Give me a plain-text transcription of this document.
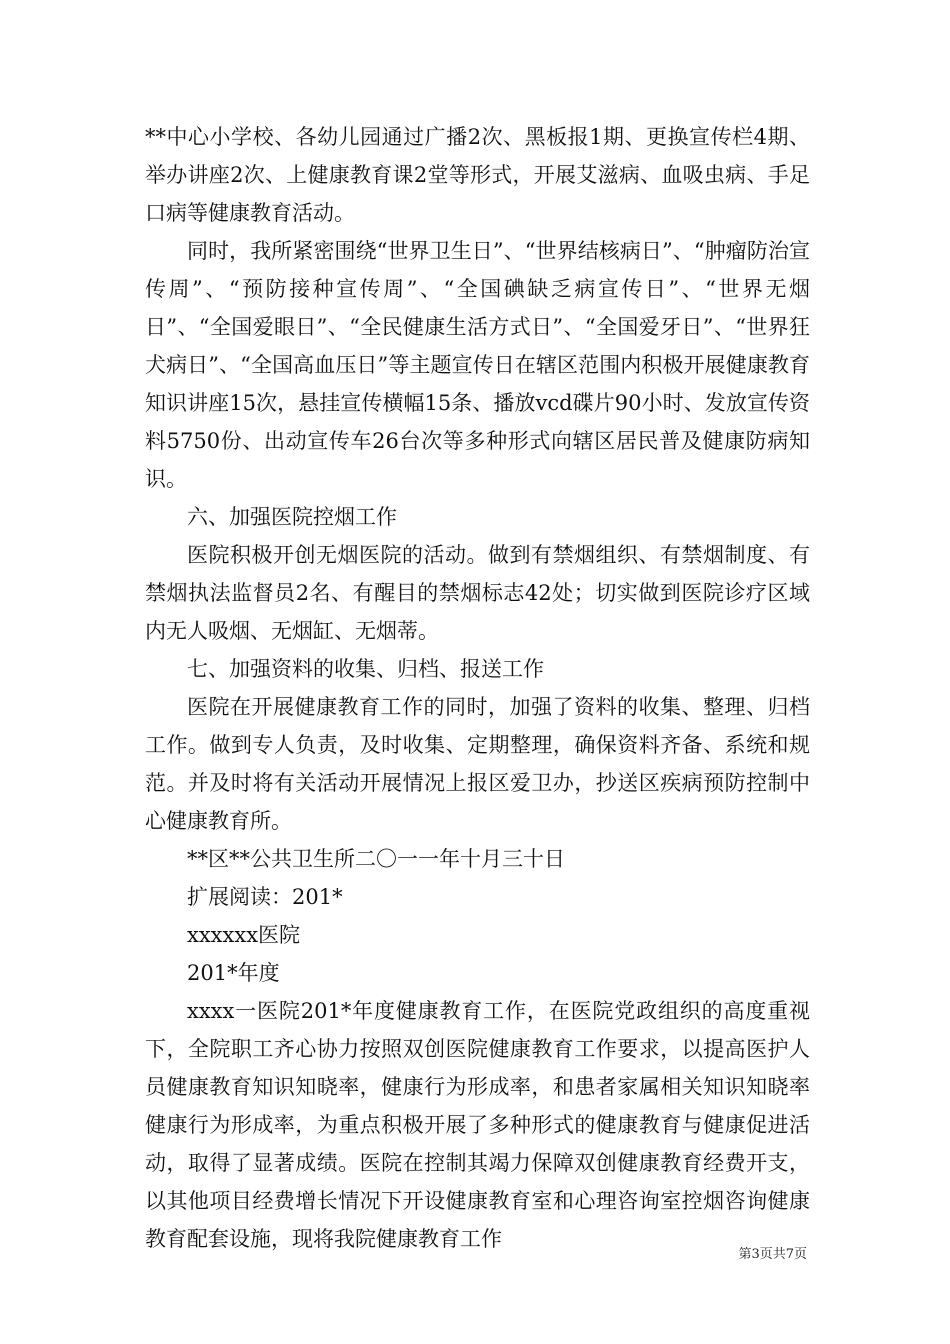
**中心小学校、各幼儿园通过广播2次、黑板报1期、更换宣传栏4期、举办讲座2次、上健康教育课2堂等形式，开展艾滋病、血吸虫病、手足口病等健康教育活动。

同时，我所紧密围绕“世界卫生日”、“世界结核病日”、“肿瘤防治宣传周”、“预防接种宣传周”、“全国碘缺乏病宣传日”、“世界无烟日”、“全国爱眼日”、“全民健康生活方式日”、“全国爱牙日”、“世界狂犬病日”、“全国高血压日”等主题宣传日在辖区范围内积极开展健康教育知识讲座15次，悬挂宣传横幅15条、播放vcd碟片90小时、发放宣传资料5750份、出动宣传车26台次等多种形式向辖区居民普及健康防病知识。

六、加强医院控烟工作

医院积极开创无烟医院的活动。做到有禁烟组织、有禁烟制度、有禁烟执法监督员2名、有醒目的禁烟标志42处；切实做到医院诊疗区域内无人吸烟、无烟缸、无烟蒂。

七、加强资料的收集、归档、报送工作

医院在开展健康教育工作的同时，加强了资料的收集、整理、归档工作。做到专人负责，及时收集、定期整理，确保资料齐备、系统和规范。并及时将有关活动开展情况上报区爱卫办，抄送区疾病预防控制中心健康教育所。

**区**公共卫生所二〇一一年十月三十日

扩展阅读：201*

xxxxxx医院

201*年度

xxxx一医院201*年度健康教育工作，在医院党政组织的高度重视下，全院职工齐心协力按照双创医院健康教育工作要求，以提高医护人员健康教育知识知晓率，健康行为形成率，和患者家属相关知识知晓率健康行为形成率，为重点积极开展了多种形式的健康教育与健康促进活动，取得了显著成绩。医院在控制其竭力保障双创健康教育经费开支，以其他项目经费增长情况下开设健康教育室和心理咨询室控烟咨询健康教育配套设施，现将我院健康教育工作

第3页共7页
